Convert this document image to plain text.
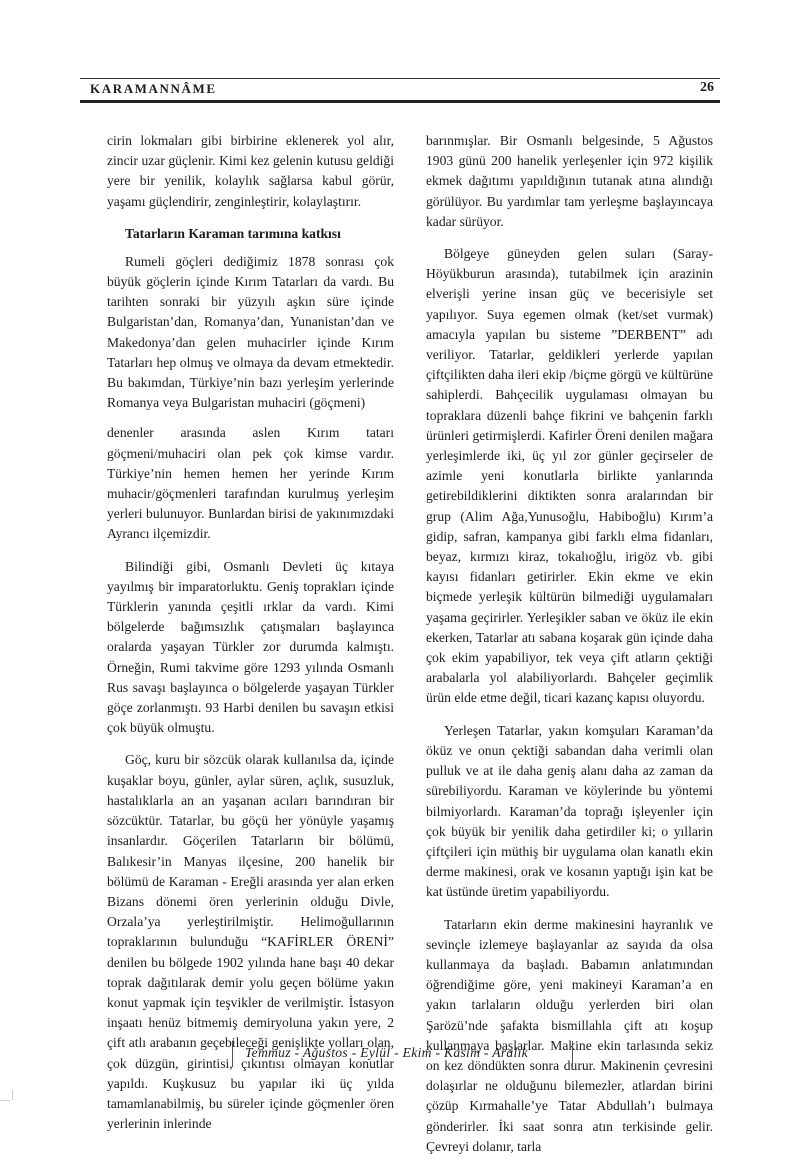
KARAMANNÂME	26

cirin lokmaları gibi birbirine eklenerek yol alır, zincir uzar güçlenir. Kimi kez gelenin kutusu geldiği yere bir yenilik, kolaylık sağlarsa kabul görür, yaşamı güçlendirir, zenginleştirir, kolaylaştırır.

Tatarların Karaman tarımına katkısı

Rumeli göçleri dediğimiz 1878 sonrası çok büyük göçlerin içinde Kırım Tatarları da vardı. Bu tarihten sonraki bir yüzyılı aşkın süre içinde Bulgaristan’dan, Romanya’dan, Yunanistan’dan ve Makedonya’dan gelen muhacirler içinde Kırım Tatarları hep olmuş ve olmaya da devam etmektedir. Bu bakımdan, Türkiye’nin bazı yerleşim yerlerinde Romanya veya Bulgaristan muhaciri (göçmeni)

denenler arasında aslen Kırım tatarı göçmeni/muhaciri olan pek çok kimse vardır. Türkiye’nin hemen hemen her yerinde Kırım muhacir/göçmenleri tarafından kurulmuş yerleşim yerleri bulunuyor. Bunlardan birisi de yakınımızdaki Ayrancı ilçemizdir.

Bilindiği gibi, Osmanlı Devleti üç kıtaya yayılmış bir imparatorluktu. Geniş toprakları içinde Türklerin yanında çeşitli ırklar da vardı. Kimi bölgelerde bağımsızlık çatışmaları başlayınca oralarda yaşayan Türkler zor durumda kalmıştı. Örneğin, Rumi takvime göre 1293 yılında Osmanlı Rus savaşı başlayınca o bölgelerde yaşayan Türkler göçe zorlanmıştı. 93 Harbi denilen bu savaşın etkisi çok büyük olmuştu.

Göç, kuru bir sözcük olarak kullanılsa da, içinde kuşaklar boyu, günler, aylar süren, açlık, susuzluk, hastalıklarla an an yaşanan acıları barındıran bir sözcüktür. Tatarlar, bu göçü her yönüyle yaşamış insanlardır. Göçerilen Tatarların bir bölümü, Balıkesir’in Manyas ilçesine, 200 hanelik bir bölümü de Karaman - Ereğli arasında yer alan erken Bizans dönemi ören yerlerinin olduğu Divle, Orzala’ya yerleştirilmiştir. Helimoğullarının topraklarının bulunduğu “KAFİRLER ÖRENİ” denilen bu bölgede 1902 yılında hane başı 40 dekar toprak dağıtılarak demir yolu geçen bölüme yakın konut yapmak için teşvikler de verilmiştir. İstasyon inşaatı henüz bitmemiş demiryoluna yakın yere, 2 çift atlı arabanın geçebileceği genişlikte yolları olan, çok düzgün, girintisi, çıkıntısı olmayan konutlar yapıldı. Kuşkusuz bu yapılar iki üç yılda tamamlanabilmiş, bu süreler içinde göçmenler ören yerlerinin inlerinde

barınmışlar. Bir Osmanlı belgesinde, 5 Ağustos 1903 günü 200 hanelik yerleşenler için 972 kişilik ekmek dağıtımı yapıldığının tutanak atına alındığı görülüyor. Bu yardımlar tam yerleşme başlayıncaya kadar sürüyor.

Bölgeye güneyden gelen suları (Saray-Höyükburun arasında), tutabilmek için arazinin elverişli yerine insan güç ve becerisiyle set yapılıyor. Suya egemen olmak (ket/set vurmak) amacıyla yapılan bu sisteme ”DERBENT” adı veriliyor. Tatarlar, geldikleri yerlerde yapılan çiftçilikten daha ileri ekip /biçme görgü ve kültürüne sahiplerdi. Bahçecilik uygulaması olmayan bu topraklara düzenli bahçe fikrini ve bahçenin farklı ürünleri getirmişlerdi. Kafirler Öreni denilen mağara yerleşimlerde iki, üç yıl zor günler geçirseler de azimle yeni konutlarla birlikte yanlarında getirebildiklerini diktikten sonra aralarından bir grup (Alim Ağa,Yunusoğlu, Habiboğlu) Kırım’a gidip, safran, kampanya gibi farklı elma fidanları, beyaz, kırmızı kiraz, tokalıoğlu, irigöz vb. gibi kayısı fidanları getirirler. Ekin ekme ve ekin biçmede yerleşik kültürün bilmediği uygulamaları yaşama geçirirler. Yerleşikler saban ve öküz ile ekin ekerken, Tatarlar atı sabana koşarak gün içinde daha çok ekim yapabiliyor, tek veya çift atların çektiği arabalarla yol alabiliyorlardı. Bahçeler geçimlik ürün elde etme değil, ticari kazanç kapısı oluyordu.

Yerleşen Tatarlar, yakın komşuları Karaman’da öküz ve onun çektiği sabandan daha verimli olan pulluk ve at ile daha geniş alanı daha az zaman da sürebiliyordu. Karaman ve köylerinde bu yöntemi bilmiyorlardı. Karaman’da toprağı işleyenler için çok büyük bir yenilik daha getirdiler ki; o yıllarin çiftçileri için müthiş bir uygulama olan kanatlı ekin derme makinesi, orak ve kosanın yaptığı işin kat be kat üstünde üretim yapabiliyordu.

Tatarların ekin derme makinesini hayranlık ve sevinçle izlemeye başlayanlar az sayıda da olsa kullanmaya da başladı. Babamın anlatımından öğrendiğime göre, yeni makineyi Karaman’a en yakın tarlaların olduğu yerlerden biri olan Şarözü’nde şafakta bismillahla çift atı koşup kullanmaya başlarlar. Makine ekin tarlasında sekiz on kez döndükten sonra durur. Makinenin çevresini dolaşırlar ne olduğunu bilemezler, atlardan birini çözüp Kırmahalle’ye Tatar Abdullah’ı bulmaya gönderirler. İki saat sonra atın terkisinde gelir. Çevreyi dolanır, tarla

Temmuz - Ağustos - Eylül - Ekim - Kasım - Aralık
